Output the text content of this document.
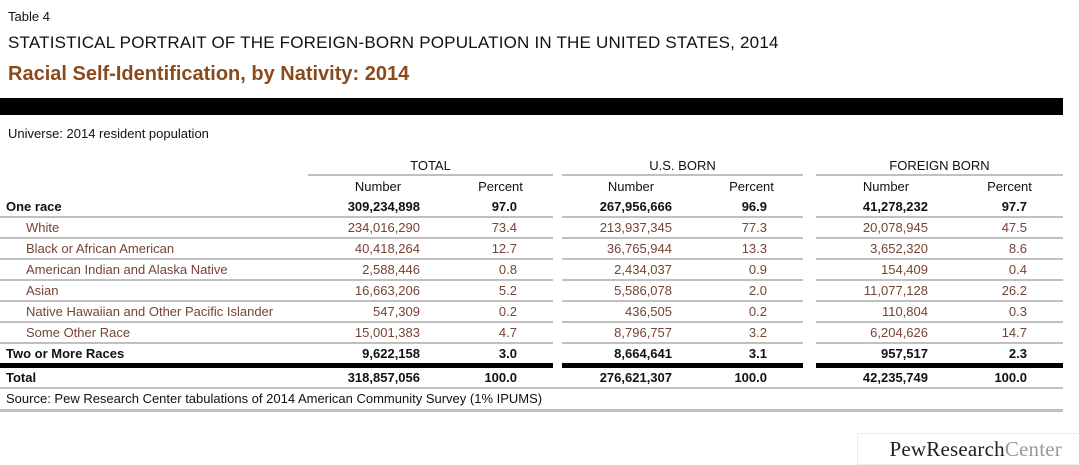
Table 4
STATISTICAL PORTRAIT OF THE FOREIGN-BORN POPULATION IN THE UNITED STATES, 2014
Racial Self-Identification, by Nativity: 2014
Universe: 2014 resident population
TOTAL	U.S. BORN	FOREIGN BORN
Number	Percent	Number	Percent	Number	Percent
One race	309,234,898	97.0	267,956,666	96.9	41,278,232	97.7
White	234,016,290	73.4	213,937,345	77.3	20,078,945	47.5
Black or African American	40,418,264	12.7	36,765,944	13.3	3,652,320	8.6
American Indian and Alaska Native	2,588,446	0.8	2,434,037	0.9	154,409	0.4
Asian	16,663,206	5.2	5,586,078	2.0	11,077,128	26.2
Native Hawaiian and Other Pacific Islander	547,309	0.2	436,505	0.2	110,804	0.3
Some Other Race	15,001,383	4.7	8,796,757	3.2	6,204,626	14.7
Two or More Races	9,622,158	3.0	8,664,641	3.1	957,517	2.3
Total	318,857,056	100.0	276,621,307	100.0	42,235,749	100.0
Source: Pew Research Center tabulations of 2014 American Community Survey (1% IPUMS)
PewResearch Center
